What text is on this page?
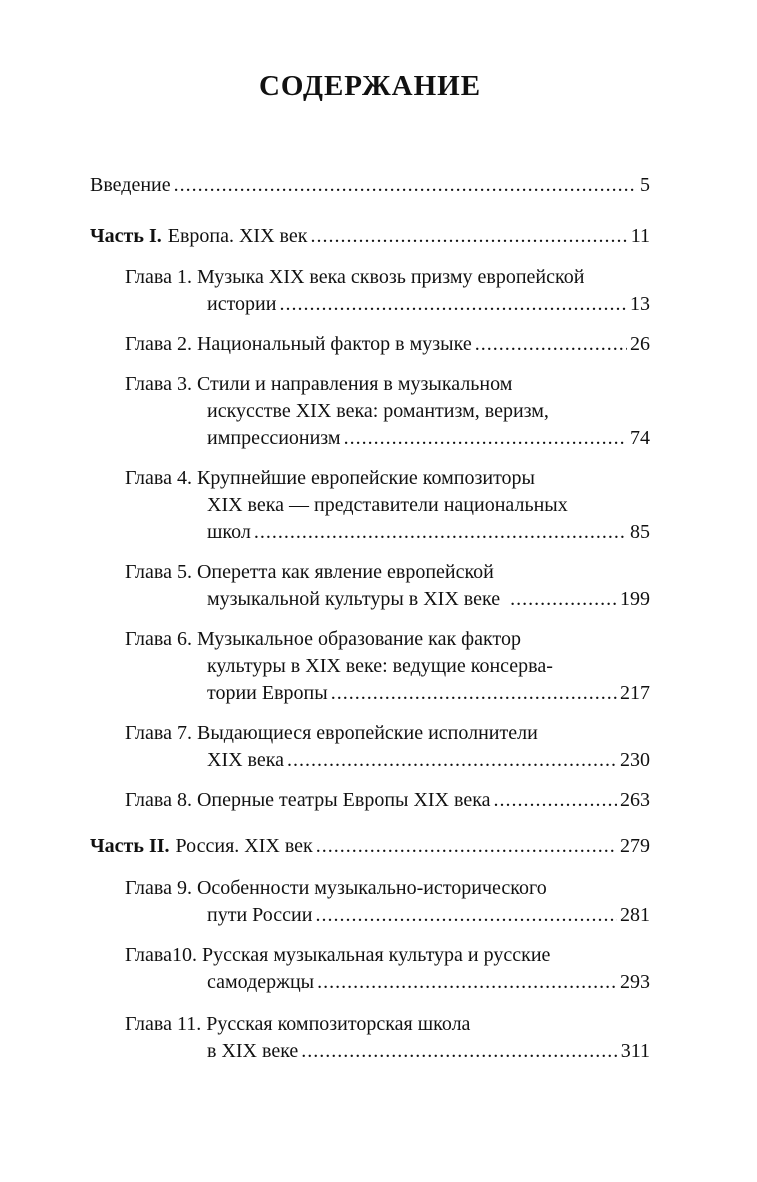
СОДЕРЖАНИЕ
Введение .....	5
Часть I. Европа. XIX век .....	11
Глава 1. Музыка XIX века сквозь призму европейской
истории .....	13
Глава 2. Национальный фактор в музыке .....	26
Глава 3. Стили и направления в музыкальном
искусстве XIX века: романтизм, веризм,
импрессионизм .....	74
Глава 4. Крупнейшие европейские композиторы
XIX века — представители национальных
школ .....	85
Глава 5. Оперетта как явление европейской
музыкальной культуры в XIX веке .....	199
Глава 6. Музыкальное образование как фактор
культуры в XIX веке: ведущие консерва-
тории Европы .....	217
Глава 7. Выдающиеся европейские исполнители
XIX века .....	230
Глава 8. Оперные театры Европы XIX века .....	263
Часть II. Россия. XIX век .....	279
Глава 9. Особенности музыкально-исторического
пути России .....	281
Глава10. Русская музыкальная культура и русские
самодержцы .....	293
Глава 11. Русская композиторская школа
в XIX веке .....	311
